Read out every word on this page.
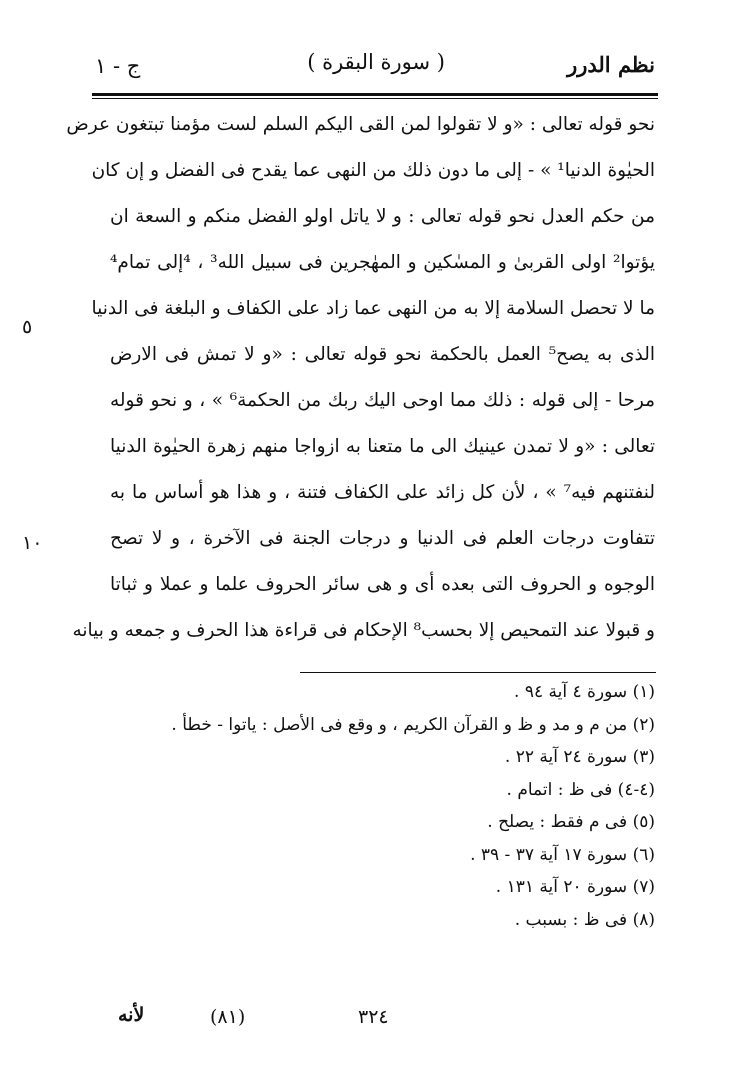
نظم الدرر
( سورة البقرة )
ج - ١
نحو قوله تعالى : «و لا تقولوا لمن القى اليكم السلم لست مؤمنا تبتغون عرض
الحيٰوة الدنيا¹ » - إلى ما دون ذلك من النهى عما يقدح فى الفضل و إن كان
من حكم العدل نحو قوله تعالى : و لا ياتل اولو الفضل منكم و السعة ان
يؤتوا² اولى القربىٰ و المسٰكين و المهٰجرين فى سبيل الله³ ، ⁴إلى تمام⁴
ما لا تحصل السلامة إلا به من النهى عما زاد على الكفاف و البلغة فى الدنيا
الذى به يصح⁵ العمل بالحكمة نحو قوله تعالى : «و لا تمش فى الارض
مرحا - إلى قوله : ذلك مما اوحى اليك ربك من الحكمة⁶ » ، و نحو قوله
تعالى : «و لا تمدن عينيك الى ما متعنا به ازواجا منهم زهرة الحيٰوة الدنيا
لنفتنهم فيه⁷ » ، لأن كل زائد على الكفاف فتنة ، و هذا هو أساس ما به
تتفاوت درجات العلم فى الدنيا و درجات الجنة فى الآخرة ، و لا تصح
الوجوه و الحروف التى بعده أى و هى سائر الحروف علما و عملا و ثباتا
و قبولا عند التمحيص إلا بحسب⁸ الإحكام فى قراءة هذا الحرف و جمعه و بيانه
٥
١٠
(١) سورة ٤ آية ٩٤ .
(٢) من م و مد و ظ و القرآن الكريم ، و وقع فى الأصل : ياتوا - خطأ .
(٣) سورة ٢٤ آية ٢٢ .
(٤-٤) فى ظ : اتمام .
(٥) فى م فقط : يصلح .
(٦) سورة ١٧ آية ٣٧ - ٣٩ .
(٧) سورة ٢٠ آية ١٣١ .
(٨) فى ظ : بسبب .
لأنه	(٨١)	٣٢٤
